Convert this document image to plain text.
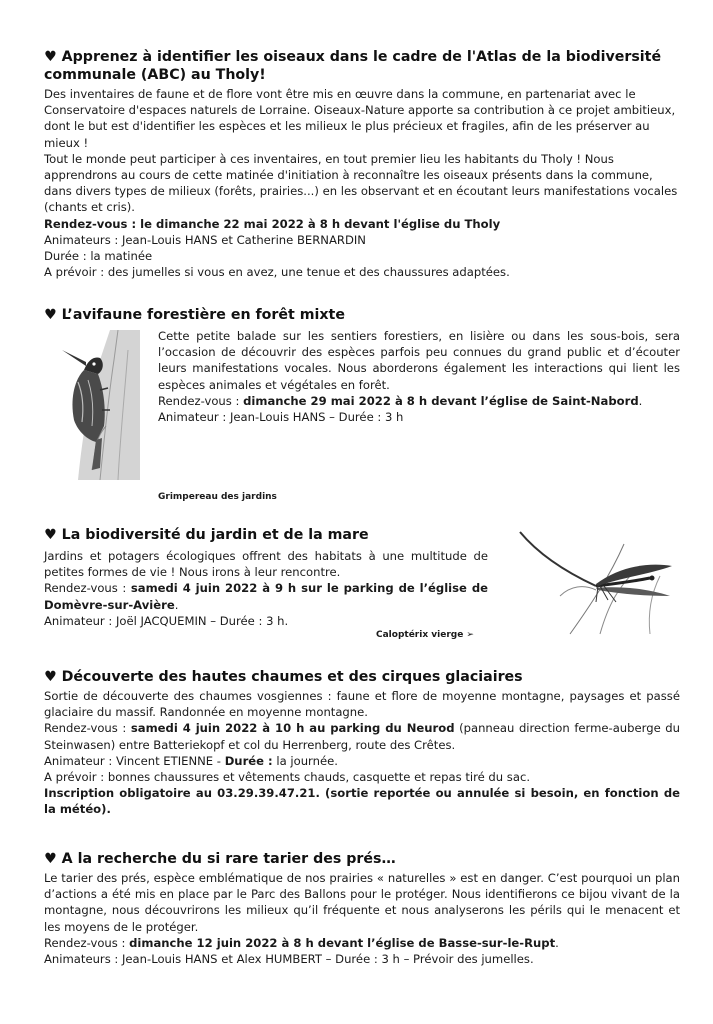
♥ Apprenez à identifier les oiseaux dans le cadre de l'Atlas de la biodiversité communale (ABC) au Tholy!

Des inventaires de faune et de flore vont être mis en œuvre dans la commune, en partenariat avec le Conservatoire d'espaces naturels de Lorraine. Oiseaux-Nature apporte sa contribution à ce projet ambitieux, dont le but est d'identifier les espèces et les milieux le plus précieux et fragiles, afin de les préserver au mieux !

Tout le monde peut participer à ces inventaires, en tout premier lieu les habitants du Tholy ! Nous apprendrons au cours de cette matinée d'initiation à reconnaître les oiseaux présents dans la commune, dans divers types de milieux (forêts, prairies...) en les observant et en écoutant leurs manifestations vocales (chants et cris).

Rendez-vous : le dimanche 22 mai 2022 à 8 h devant l'église du Tholy

Animateurs : Jean-Louis HANS et Catherine BERNARDIN

Durée : la matinée

A prévoir : des jumelles si vous en avez, une tenue et des chaussures adaptées.

♥ L’avifaune forestière en forêt mixte

Cette petite balade sur les sentiers forestiers, en lisière ou dans les sous-bois, sera l’occasion de découvrir des espèces parfois peu connues du grand public et d’écouter leurs manifestations vocales. Nous aborderons également les interactions qui lient les espèces animales et végétales en forêt.

Rendez-vous : dimanche 29 mai 2022 à 8 h devant l’église de Saint-Nabord.

Animateur : Jean-Louis HANS – Durée : 3 h

Grimpereau des jardins
♥ La biodiversité du jardin et de la mare

Jardins et potagers écologiques offrent des habitats à une multitude de petites formes de vie ! Nous irons à leur rencontre.

Rendez-vous : samedi 4 juin 2022 à 9 h sur le parking de l’église de Domèvre-sur-Avière.

Animateur : Joël JACQUEMIN – Durée : 3 h.

Caloptérix vierge ➢
♥ Découverte des hautes chaumes et des cirques glaciaires

Sortie de découverte des chaumes vosgiennes : faune et flore de moyenne montagne, paysages et passé glaciaire du massif. Randonnée en moyenne montagne.

Rendez-vous : samedi 4 juin 2022 à 10 h au parking du Neurod (panneau direction ferme-auberge du Steinwasen) entre Batteriekopf et col du Herrenberg, route des Crêtes.

Animateur : Vincent ETIENNE - Durée : la journée.

A prévoir : bonnes chaussures et vêtements chauds, casquette et repas tiré du sac.

Inscription obligatoire au 03.29.39.47.21. (sortie reportée ou annulée si besoin, en fonction de la météo).

♥ A la recherche du si rare tarier des prés…

Le tarier des prés, espèce emblématique de nos prairies « naturelles » est en danger. C’est pourquoi un plan d’actions a été mis en place par le Parc des Ballons pour le protéger. Nous identifierons ce bijou vivant de la montagne, nous découvrirons les milieux qu’il fréquente et nous analyserons les périls qui le menacent et les moyens de le protéger.

Rendez-vous : dimanche 12 juin 2022 à 8 h devant l’église de Basse-sur-le-Rupt.

Animateurs : Jean-Louis HANS et Alex HUMBERT – Durée : 3 h – Prévoir des jumelles.
